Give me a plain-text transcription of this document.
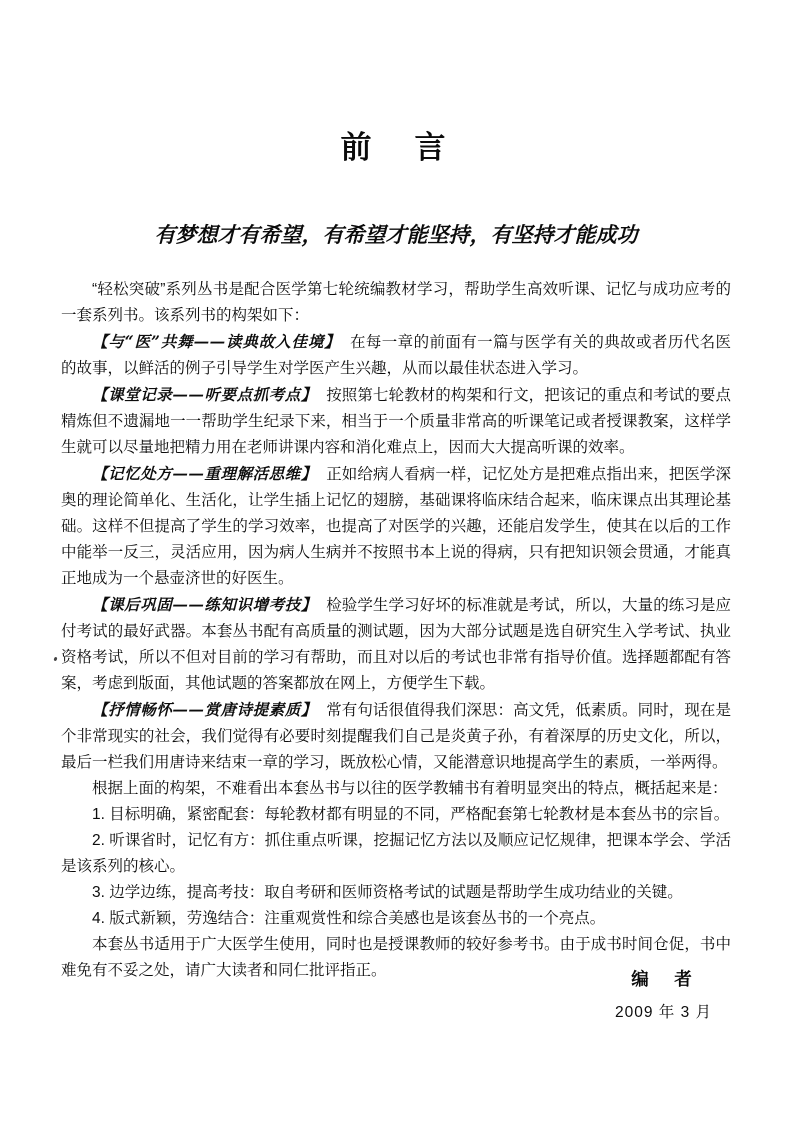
前　言
有梦想才有希望，有希望才能坚持，有坚持才能成功

“轻松突破”系列丛书是配合医学第七轮统编教材学习，帮助学生高效听课、记忆与成功应考的一套系列书。该系列书的构架如下：

【与“医”共舞——读典故入佳境】 在每一章的前面有一篇与医学有关的典故或者历代名医的故事，以鲜活的例子引导学生对学医产生兴趣，从而以最佳状态进入学习。

【课堂记录——听要点抓考点】 按照第七轮教材的构架和行文，把该记的重点和考试的要点精炼但不遗漏地一一帮助学生纪录下来，相当于一个质量非常高的听课笔记或者授课教案，这样学生就可以尽量地把精力用在老师讲课内容和消化难点上，因而大大提高听课的效率。

【记忆处方——重理解活思维】 正如给病人看病一样，记忆处方是把难点指出来，把医学深奥的理论简单化、生活化，让学生插上记忆的翅膀，基础课将临床结合起来，临床课点出其理论基础。这样不但提高了学生的学习效率，也提高了对医学的兴趣，还能启发学生，使其在以后的工作中能举一反三，灵活应用，因为病人生病并不按照书本上说的得病，只有把知识领会贯通，才能真正地成为一个悬壶济世的好医生。

【课后巩固——练知识增考技】 检验学生学习好坏的标准就是考试，所以，大量的练习是应付考试的最好武器。本套丛书配有高质量的测试题，因为大部分试题是选自研究生入学考试、执业资格考试，所以不但对目前的学习有帮助，而且对以后的考试也非常有指导价值。选择题都配有答案，考虑到版面，其他试题的答案都放在网上，方便学生下载。

【抒情畅怀——赏唐诗提素质】 常有句话很值得我们深思：高文凭，低素质。同时，现在是个非常现实的社会，我们觉得有必要时刻提醒我们自己是炎黄子孙，有着深厚的历史文化，所以，最后一栏我们用唐诗来结束一章的学习，既放松心情，又能潜意识地提高学生的素质，一举两得。

根据上面的构架，不难看出本套丛书与以往的医学教辅书有着明显突出的特点，概括起来是：

1. 目标明确，紧密配套：每轮教材都有明显的不同，严格配套第七轮教材是本套丛书的宗旨。

2. 听课省时，记忆有方：抓住重点听课，挖掘记忆方法以及顺应记忆规律，把课本学会、学活是该系列的核心。

3. 边学边练，提高考技：取自考研和医师资格考试的试题是帮助学生成功结业的关键。

4. 版式新颖，劳逸结合：注重观赏性和综合美感也是该套丛书的一个亮点。

本套丛书适用于广大医学生使用，同时也是授课教师的较好参考书。由于成书时间仓促，书中难免有不妥之处，请广大读者和同仁批评指正。	编　者
2009 年 3 月
